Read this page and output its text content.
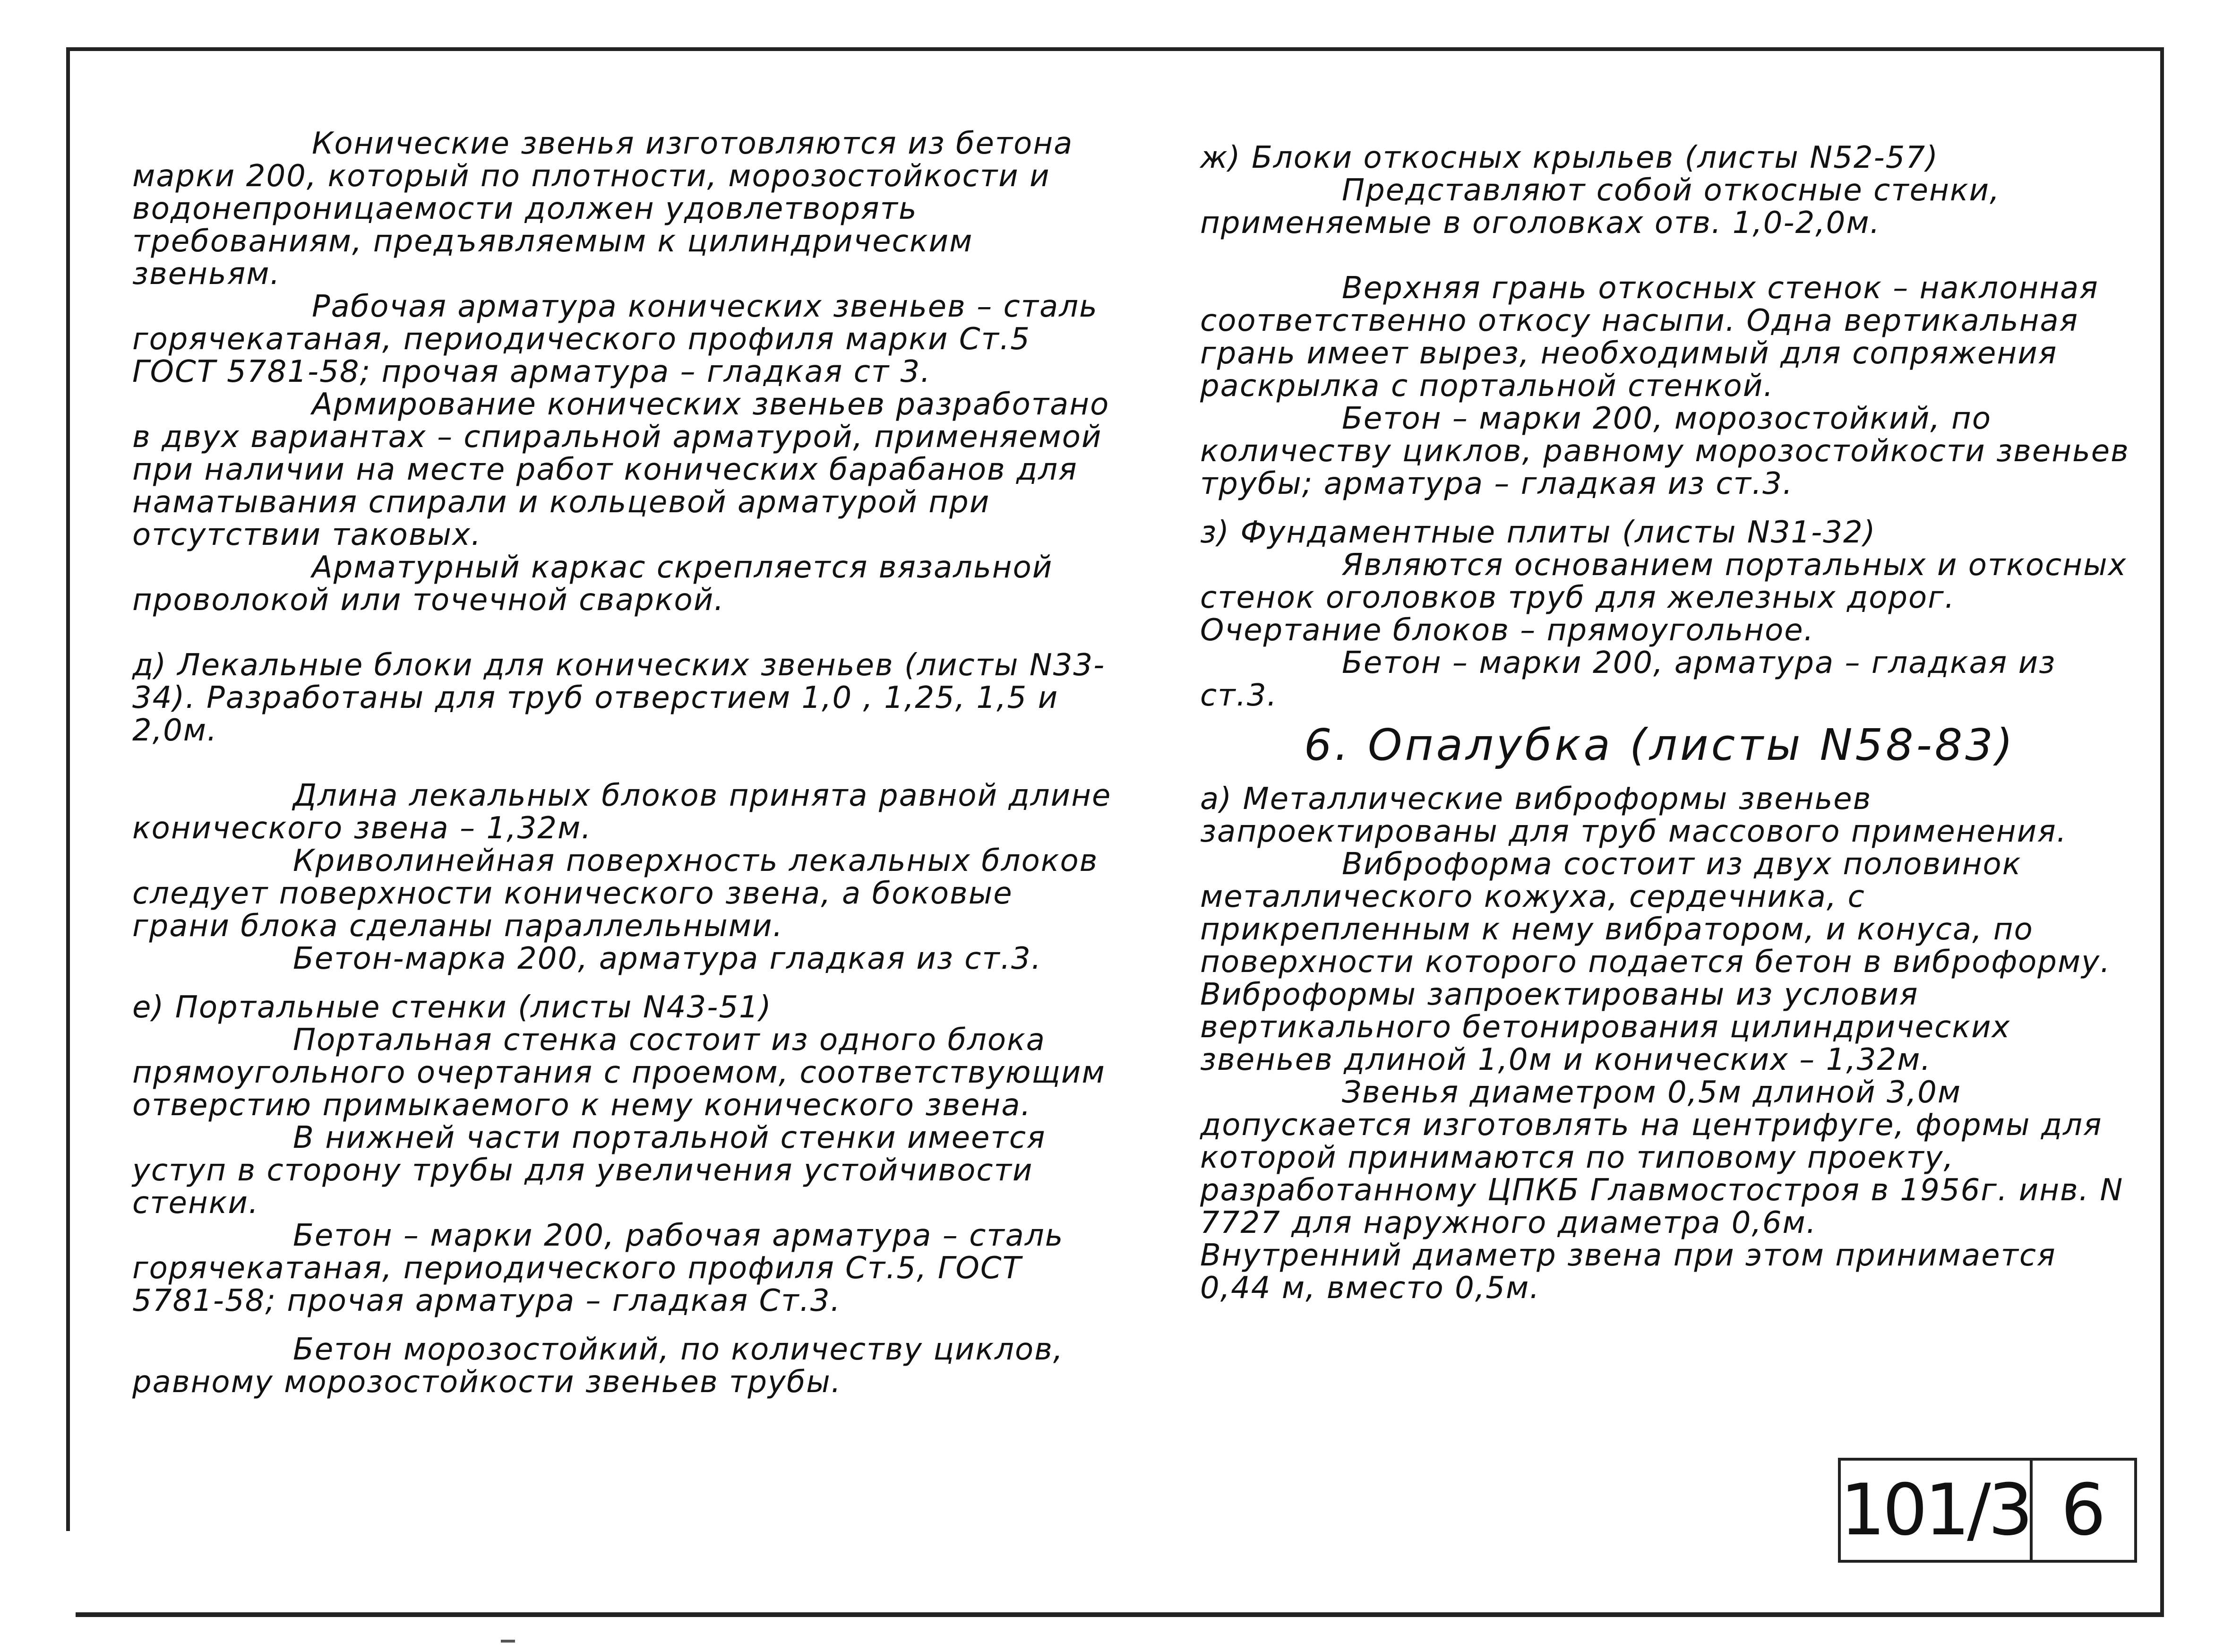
Конические звенья изготовляются из бетона марки 200, который по плотности, морозостойкости и водонепроницаемости должен удовлетворять требованиям, предъявляемым к цилиндрическим звеньям.

Рабочая арматура конических звеньев – сталь горячекатаная, периодического профиля марки Ст.5 ГОСТ 5781-58; прочая арматура – гладкая ст 3.

Армирование конических звеньев разработано в двух вариантах – спиральной арматурой, применяемой при наличии на месте работ конических барабанов для наматывания спирали и кольцевой арматурой при отсутствии таковых.

Арматурный каркас скрепляется вязальной проволокой или точечной сваркой.

д) Лекальные блоки для конических звеньев (листы N33-34). Разработаны для труб отверстием 1,0 , 1,25, 1,5 и 2,0м.

Длина лекальных блоков принята равной длине конического звена – 1,32м.

Криволинейная поверхность лекальных блоков следует поверхности конического звена, а боковые грани блока сделаны параллельными.

Бетон-марка 200, арматура гладкая из ст.3.

е) Портальные стенки (листы N43-51)

Портальная стенка состоит из одного блока прямоугольного очертания с проемом, соответствующим отверстию примыкаемого к нему конического звена.

В нижней части портальной стенки имеется уступ в сторону трубы для увеличения устойчивости стенки.

Бетон – марки 200, рабочая арматура – сталь горячекатаная, периодического профиля Ст.5, ГОСТ 5781-58; прочая арматура – гладкая Ст.3.

Бетон морозостойкий, по количеству циклов, равному морозостойкости звеньев трубы.

ж) Блоки откосных крыльев (листы N52-57)

Представляют собой откосные стенки, применяемые в оголовках отв. 1,0-2,0м.

Верхняя грань откосных стенок – наклонная соответственно откосу насыпи. Одна вертикальная грань имеет вырез, необходимый для сопряжения раскрылка с портальной стенкой.

Бетон – марки 200, морозостойкий, по количеству циклов, равному морозостойкости звеньев трубы; арматура – гладкая из ст.3.

з) Фундаментные плиты (листы N31-32)

Являются основанием портальных и откосных стенок оголовков труб для железных дорог. Очертание блоков – прямоугольное.

Бетон – марки 200, арматура – гладкая из ст.3.

6. Опалубка (листы N58-83)

а) Металлические виброформы звеньев запроектированы для труб массового применения.

Виброформа состоит из двух половинок металлического кожуха, сердечника, с прикрепленным к нему вибратором, и конуса, по поверхности которого подается бетон в виброформу.

Виброформы запроектированы из условия вертикального бетонирования цилиндрических звеньев длиной 1,0м и конических – 1,32м.

Звенья диаметром 0,5м длиной 3,0м допускается изготовлять на центрифуге, формы для которой принимаются по типовому проекту, разработанному ЦПКБ Главмостостроя в 1956г. инв. N 7727 для наружного диаметра 0,6м.

Внутренний диаметр звена при этом принимается 0,44 м, вместо 0,5м.

101/3 6
